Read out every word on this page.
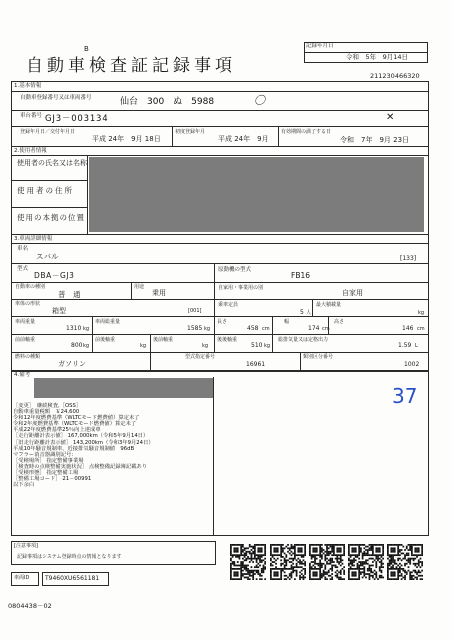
B
自動車検査証記録事項
記録年月日
令和　5年　9月14日
211230466320
1.基本情報
自動車登録番号又は車両番号	仙台　300　ぬ　5988	〇
車台番号 GJ3－003134	✕
登録年月日／交付年月日
平成 24年　9月 18日
初度登録年月
平成 24年　9月
有効期間の満了する日
令和　7年　9月 23日
2.使用者情報
使用者の氏名又は名称
使用者の住所
使用の本拠の位置
3.車両詳細情報
車名
スバル	[133]
型式
DBA－GJ3
原動機の型式
FB16
自動車の種別
普　通
用途
乗用
自家用・事業用の別
自家用
車体の形状
箱型	[001]
乗車定員
5 人
最大積載量
kg
車両重量
1310 kg
車両総重量
1585 kg
長さ
458 cm
幅
174 cm
高さ
146 cm
前前軸重
800 kg
前後軸重
kg
後前軸重
kg
後後軸重
510 kg
総排気量又は定格出力
1.59 L
燃料の種類
ガソリン
型式指定番号
16961
類別区分番号
1002
4.備考
37
［変更］　継続検査,［OSS］
自動車重量税額　￥24,600
令和12年度燃費基準（WLTCモード燃費値）算定未了
令和2年度燃費基準（WLTCモード燃費値）算定未了
平成22年度燃費基準25％向上達成車
［走行距離計表示値］ 167,000km（令和5年9月14日）
［旧走行距離計表示値］ 143,200km（令和3年9月24日）
平成10年騒音規制車、近接排気騒音規制値　96dB
マフラー消音器識別記号：
［受検場所］ 指定整備事業場
［検査時の点検整備実施状況］ 点検整備記録簿記載あり
［受検形態］ 指定整備工場
［整備工場コード］ 21－00991
以下余白
[注意事項]
記録事項はシステム登録時点の情報となります
車両ID	T9460XU6561181
0804438－02
